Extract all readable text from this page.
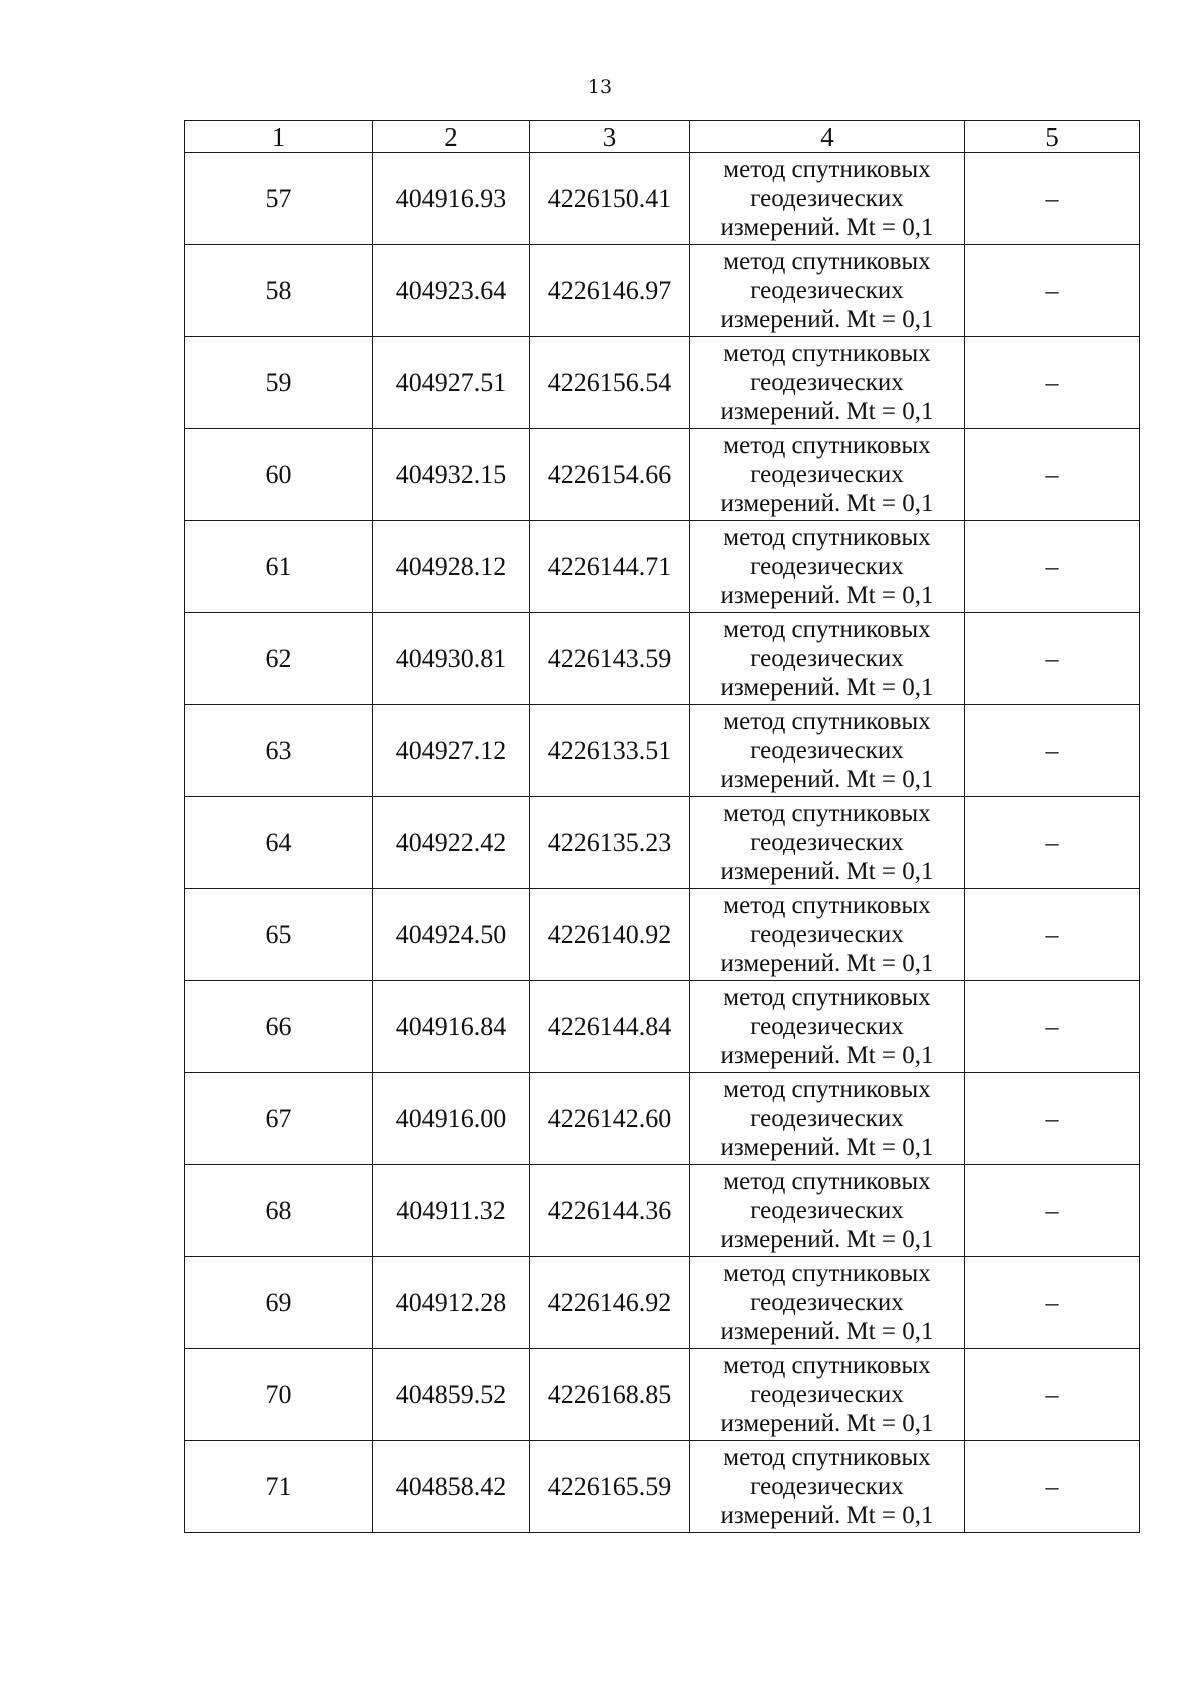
13
1	2	3	4	5
57	404916.93	4226150.41	метод спутниковых
геодезических
измерений. Mt = 0,1	–
58	404923.64	4226146.97	метод спутниковых
геодезических
измерений. Mt = 0,1	–
59	404927.51	4226156.54	метод спутниковых
геодезических
измерений. Mt = 0,1	–
60	404932.15	4226154.66	метод спутниковых
геодезических
измерений. Mt = 0,1	–
61	404928.12	4226144.71	метод спутниковых
геодезических
измерений. Mt = 0,1	–
62	404930.81	4226143.59	метод спутниковых
геодезических
измерений. Mt = 0,1	–
63	404927.12	4226133.51	метод спутниковых
геодезических
измерений. Mt = 0,1	–
64	404922.42	4226135.23	метод спутниковых
геодезических
измерений. Mt = 0,1	–
65	404924.50	4226140.92	метод спутниковых
геодезических
измерений. Mt = 0,1	–
66	404916.84	4226144.84	метод спутниковых
геодезических
измерений. Mt = 0,1	–
67	404916.00	4226142.60	метод спутниковых
геодезических
измерений. Mt = 0,1	–
68	404911.32	4226144.36	метод спутниковых
геодезических
измерений. Mt = 0,1	–
69	404912.28	4226146.92	метод спутниковых
геодезических
измерений. Mt = 0,1	–
70	404859.52	4226168.85	метод спутниковых
геодезических
измерений. Mt = 0,1	–
71	404858.42	4226165.59	метод спутниковых
геодезических
измерений. Mt = 0,1	–
